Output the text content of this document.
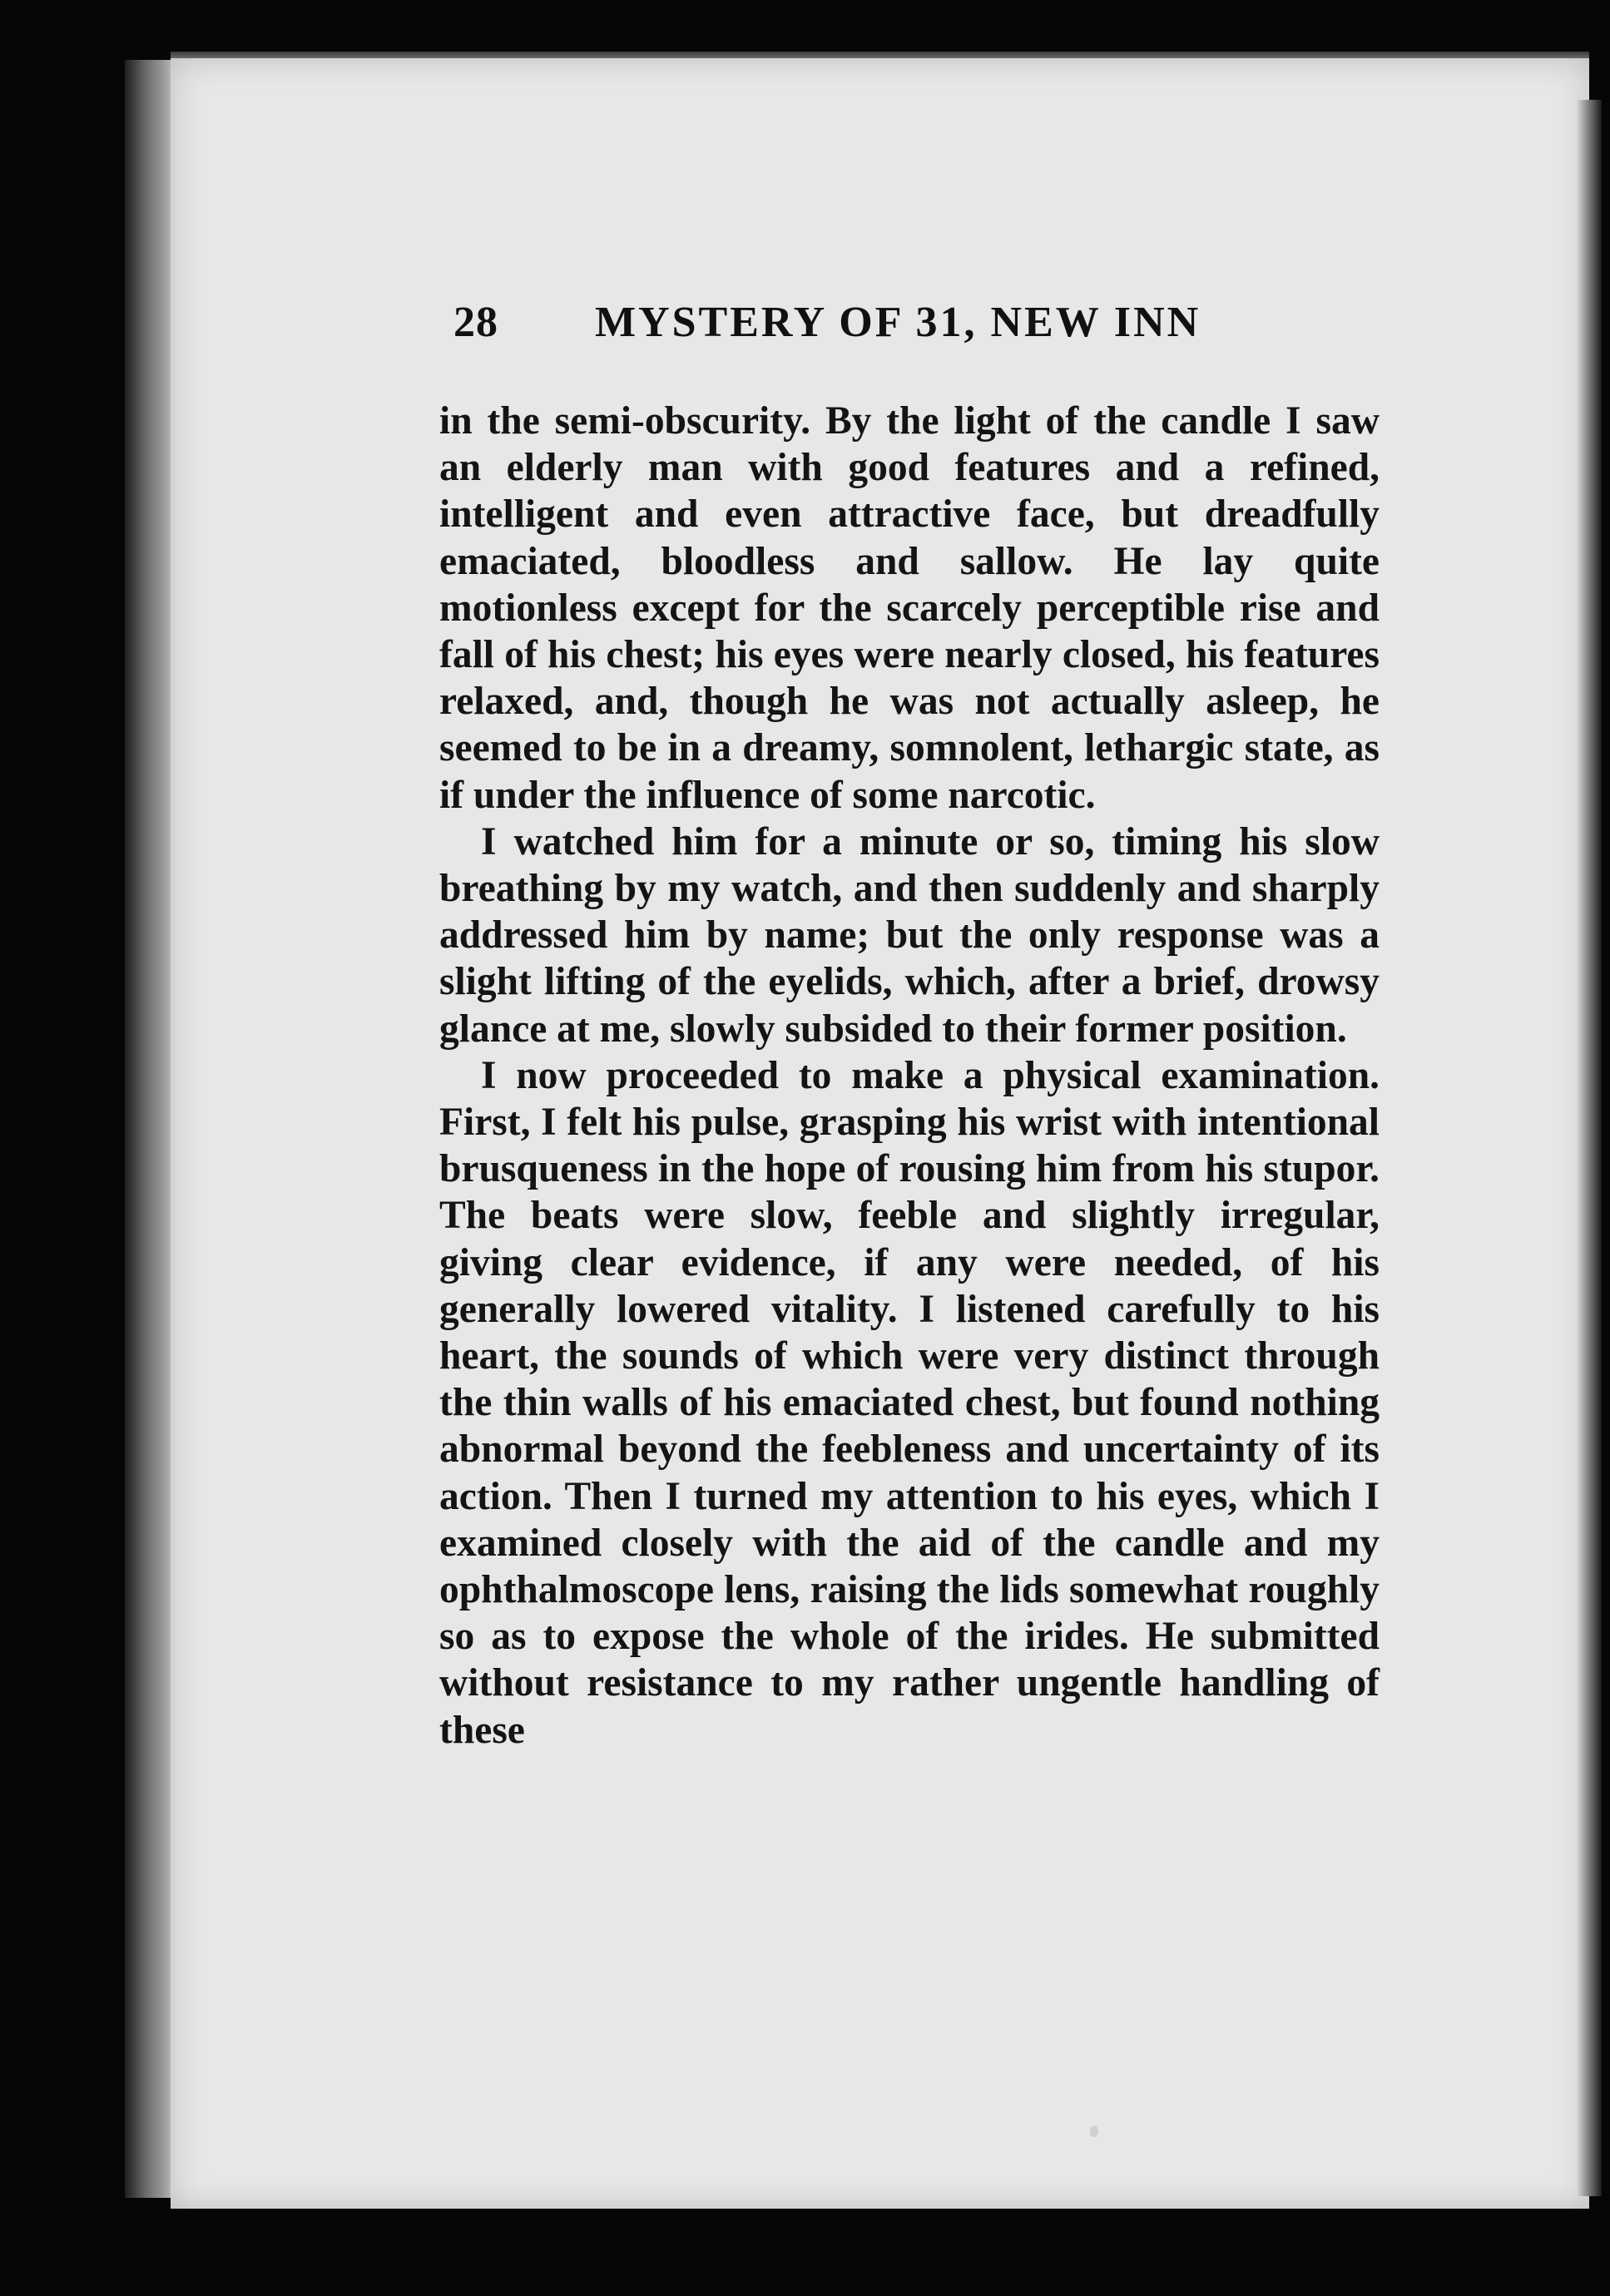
28 MYSTERY OF 31, NEW INN

in the semi-obscurity. By the light of the candle I saw an elderly man with good features and a refined, intelligent and even attractive face, but dreadfully emaciated, bloodless and sallow. He lay quite motionless except for the scarcely perceptible rise and fall of his chest; his eyes were nearly closed, his features relaxed, and, though he was not actually asleep, he seemed to be in a dreamy, somnolent, lethargic state, as if under the influence of some narcotic.

I watched him for a minute or so, timing his slow breathing by my watch, and then suddenly and sharply addressed him by name; but the only response was a slight lifting of the eyelids, which, after a brief, drowsy glance at me, slowly subsided to their former position.

I now proceeded to make a physical examination. First, I felt his pulse, grasping his wrist with intentional brusqueness in the hope of rousing him from his stupor. The beats were slow, feeble and slightly irregular, giving clear evidence, if any were needed, of his generally lowered vitality. I listened carefully to his heart, the sounds of which were very distinct through the thin walls of his emaciated chest, but found nothing abnormal beyond the feebleness and uncertainty of its action. Then I turned my attention to his eyes, which I examined closely with the aid of the candle and my ophthalmoscope lens, raising the lids somewhat roughly so as to expose the whole of the irides. He submitted without resistance to my rather ungentle handling of these
